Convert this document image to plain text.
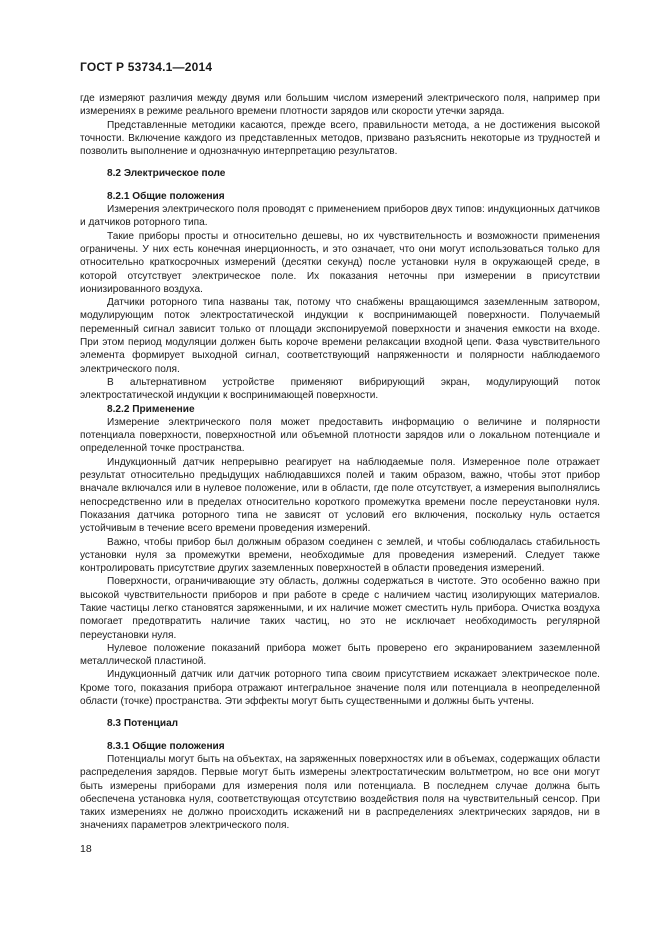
ГОСТ Р 53734.1—2014

где измеряют различия между двумя или большим числом измерений электрического поля, например при измерениях в режиме реального времени плотности зарядов или скорости утечки заряда.

Представленные методики касаются, прежде всего, правильности метода, а не достижения высокой точности. Включение каждого из представленных методов, призвано разъяснить некоторые из трудностей и позволить выполнение и однозначную интерпретацию результатов.

8.2 Электрическое поле

8.2.1 Общие положения

Измерения электрического поля проводят с применением приборов двух типов: индукционных датчиков и датчиков роторного типа.

Такие приборы просты и относительно дешевы, но их чувствительность и возможности применения ограничены. У них есть конечная инерционность, и это означает, что они могут использоваться только для относительно краткосрочных измерений (десятки секунд) после установки нуля в окружающей среде, в которой отсутствует электрическое поле. Их показания неточны при измерении в присутствии ионизированного воздуха.

Датчики роторного типа названы так, потому что снабжены вращающимся заземленным затвором, модулирующим поток электростатической индукции к воспринимающей поверхности. Получаемый переменный сигнал зависит только от площади экспонируемой поверхности и значения емкости на входе. При этом период модуляции должен быть короче времени релаксации входной цепи. Фаза чувствительного элемента формирует выходной сигнал, соответствующий напряженности и полярности наблюдаемого электрического поля.

В альтернативном устройстве применяют вибрирующий экран, модулирующий поток электростатической индукции к воспринимающей поверхности.

8.2.2 Применение

Измерение электрического поля может предоставить информацию о величине и полярности потенциала поверхности, поверхностной или объемной плотности зарядов или о локальном потенциале и определенной точке пространства.

Индукционный датчик непрерывно реагирует на наблюдаемые поля. Измеренное поле отражает результат относительно предыдущих наблюдавшихся полей и таким образом, важно, чтобы этот прибор вначале включался или в нулевое положение, или в области, где поле отсутствует, а измерения выполнялись непосредственно или в пределах относительно короткого промежутка времени после переустановки нуля. Показания датчика роторного типа не зависят от условий его включения, поскольку нуль остается устойчивым в течение всего времени проведения измерений.

Важно, чтобы прибор был должным образом соединен с землей, и чтобы соблюдалась стабильность установки нуля за промежутки времени, необходимые для проведения измерений. Следует также контролировать присутствие других заземленных поверхностей в области проведения измерений.

Поверхности, ограничивающие эту область, должны содержаться в чистоте. Это особенно важно при высокой чувствительности приборов и при работе в среде с наличием частиц изолирующих материалов. Такие частицы легко становятся заряженными, и их наличие может сместить нуль прибора. Очистка воздуха помогает предотвратить наличие таких частиц, но это не исключает необходимость регулярной переустановки нуля.

Нулевое положение показаний прибора может быть проверено его экранированием заземленной металлической пластиной.

Индукционный датчик или датчик роторного типа своим присутствием искажает электрическое поле. Кроме того, показания прибора отражают интегральное значение поля или потенциала в неопределенной области (точке) пространства. Эти эффекты могут быть существенными и должны быть учтены.

8.3 Потенциал

8.3.1 Общие положения

Потенциалы могут быть на объектах, на заряженных поверхностях или в объемах, содержащих области распределения зарядов. Первые могут быть измерены электростатическим вольтметром, но все они могут быть измерены приборами для измерения поля или потенциала. В последнем случае должна быть обеспечена установка нуля, соответствующая отсутствию воздействия поля на чувствительный сенсор. При таких измерениях не должно происходить искажений ни в распределениях электрических зарядов, ни в значениях параметров электрического поля.

18
